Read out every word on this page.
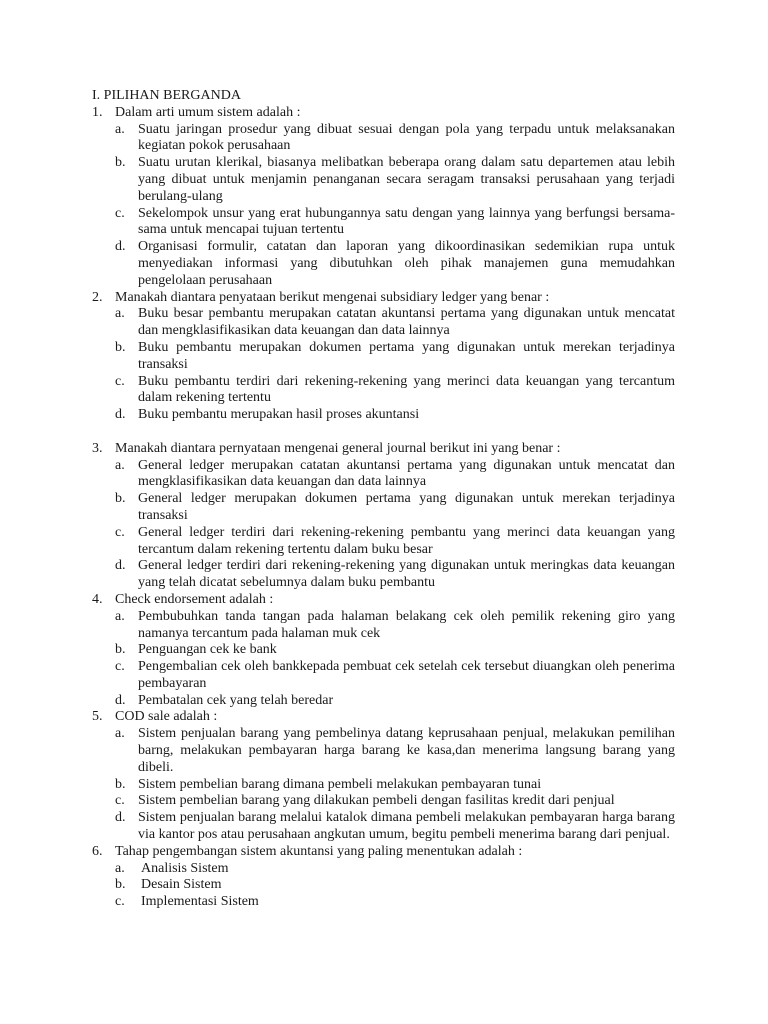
I. PILIHAN BERGANDA
1. Dalam arti umum sistem adalah :
a. Suatu jaringan prosedur yang dibuat sesuai dengan pola yang terpadu untuk melaksanakan kegiatan pokok perusahaan
b. Suatu urutan klerikal, biasanya melibatkan beberapa orang dalam satu departemen atau lebih yang dibuat untuk menjamin penanganan secara seragam transaksi perusahaan yang terjadi berulang-ulang
c. Sekelompok unsur yang erat hubungannya satu dengan yang lainnya yang berfungsi bersama-sama untuk mencapai tujuan tertentu
d. Organisasi formulir, catatan dan laporan yang dikoordinasikan sedemikian rupa untuk menyediakan informasi yang dibutuhkan oleh pihak manajemen guna memudahkan pengelolaan perusahaan
2. Manakah diantara penyataan berikut mengenai subsidiary ledger yang benar :
a. Buku besar pembantu merupakan catatan akuntansi pertama yang digunakan untuk mencatat dan mengklasifikasikan data keuangan dan data lainnya
b. Buku pembantu merupakan dokumen pertama yang digunakan untuk merekan terjadinya transaksi
c. Buku pembantu terdiri dari rekening-rekening yang merinci data keuangan yang tercantum dalam rekening tertentu
d. Buku pembantu merupakan hasil proses akuntansi
3. Manakah diantara pernyataan mengenai general journal berikut ini yang benar :
a. General ledger merupakan catatan akuntansi pertama yang digunakan untuk mencatat dan mengklasifikasikan data keuangan dan data lainnya
b. General ledger merupakan dokumen pertama yang digunakan untuk merekan terjadinya transaksi
c. General ledger terdiri dari rekening-rekening pembantu yang merinci data keuangan yang tercantum dalam rekening tertentu dalam buku besar
d. General ledger terdiri dari rekening-rekening yang digunakan untuk meringkas data keuangan yang telah dicatat sebelumnya dalam buku pembantu
4. Check endorsement adalah :
a. Pembubuhkan tanda tangan pada halaman belakang cek oleh pemilik rekening giro yang namanya tercantum pada halaman muk cek
b. Penguangan cek ke bank
c. Pengembalian cek oleh bankkepada pembuat cek setelah cek tersebut diuangkan oleh penerima pembayaran
d. Pembatalan cek yang telah beredar
5. COD sale adalah :
a. Sistem penjualan barang yang pembelinya datang keprusahaan penjual, melakukan pemilihan barng, melakukan pembayaran harga barang ke kasa,dan menerima langsung barang yang dibeli.
b. Sistem pembelian barang dimana pembeli melakukan pembayaran tunai
c. Sistem pembelian barang yang dilakukan pembeli dengan fasilitas kredit dari penjual
d. Sistem penjualan barang melalui katalok dimana pembeli melakukan pembayaran harga barang via kantor pos atau perusahaan angkutan umum, begitu pembeli menerima barang dari penjual.
6. Tahap pengembangan sistem akuntansi yang paling menentukan adalah :
a.	Analisis Sistem
b.	Desain Sistem
c.	Implementasi Sistem
